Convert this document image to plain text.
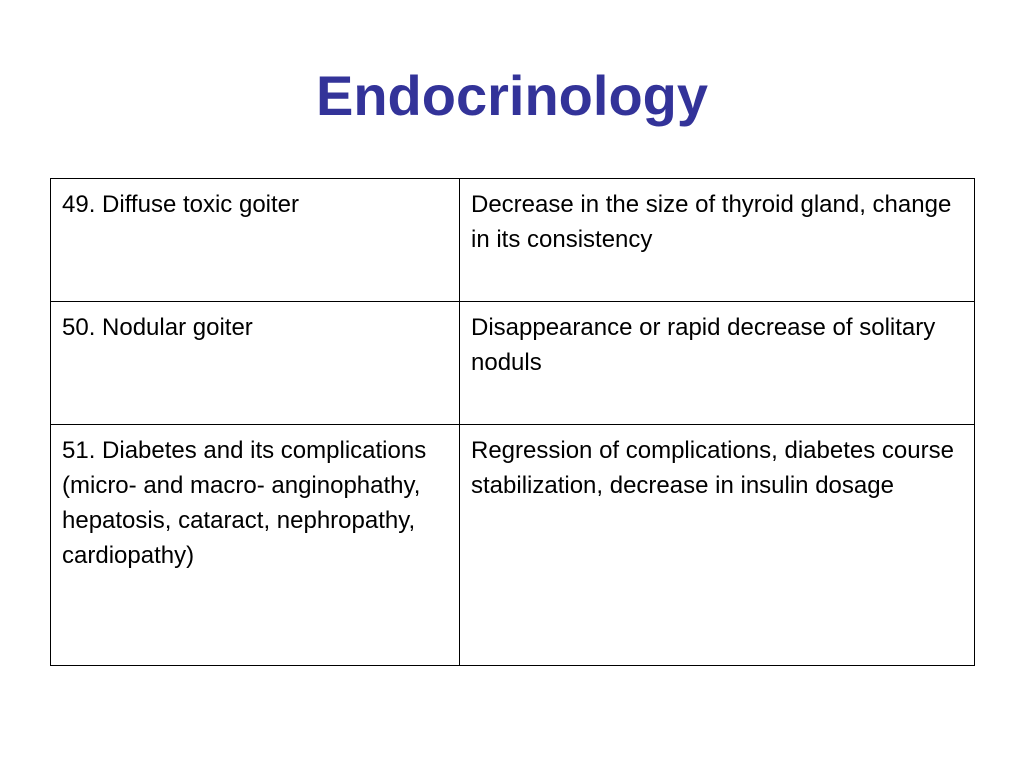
Endocrinology
49. Diffuse toxic goiter	Decrease in the size of thyroid gland, change in its consistency
50. Nodular goiter	Disappearance or rapid decrease of solitary noduls
51. Diabetes and its complications (micro- and macro- anginophathy, hepatosis, cataract, nephropathy, cardiopathy)	Regression of complications, diabetes course stabilization, decrease in insulin dosage
